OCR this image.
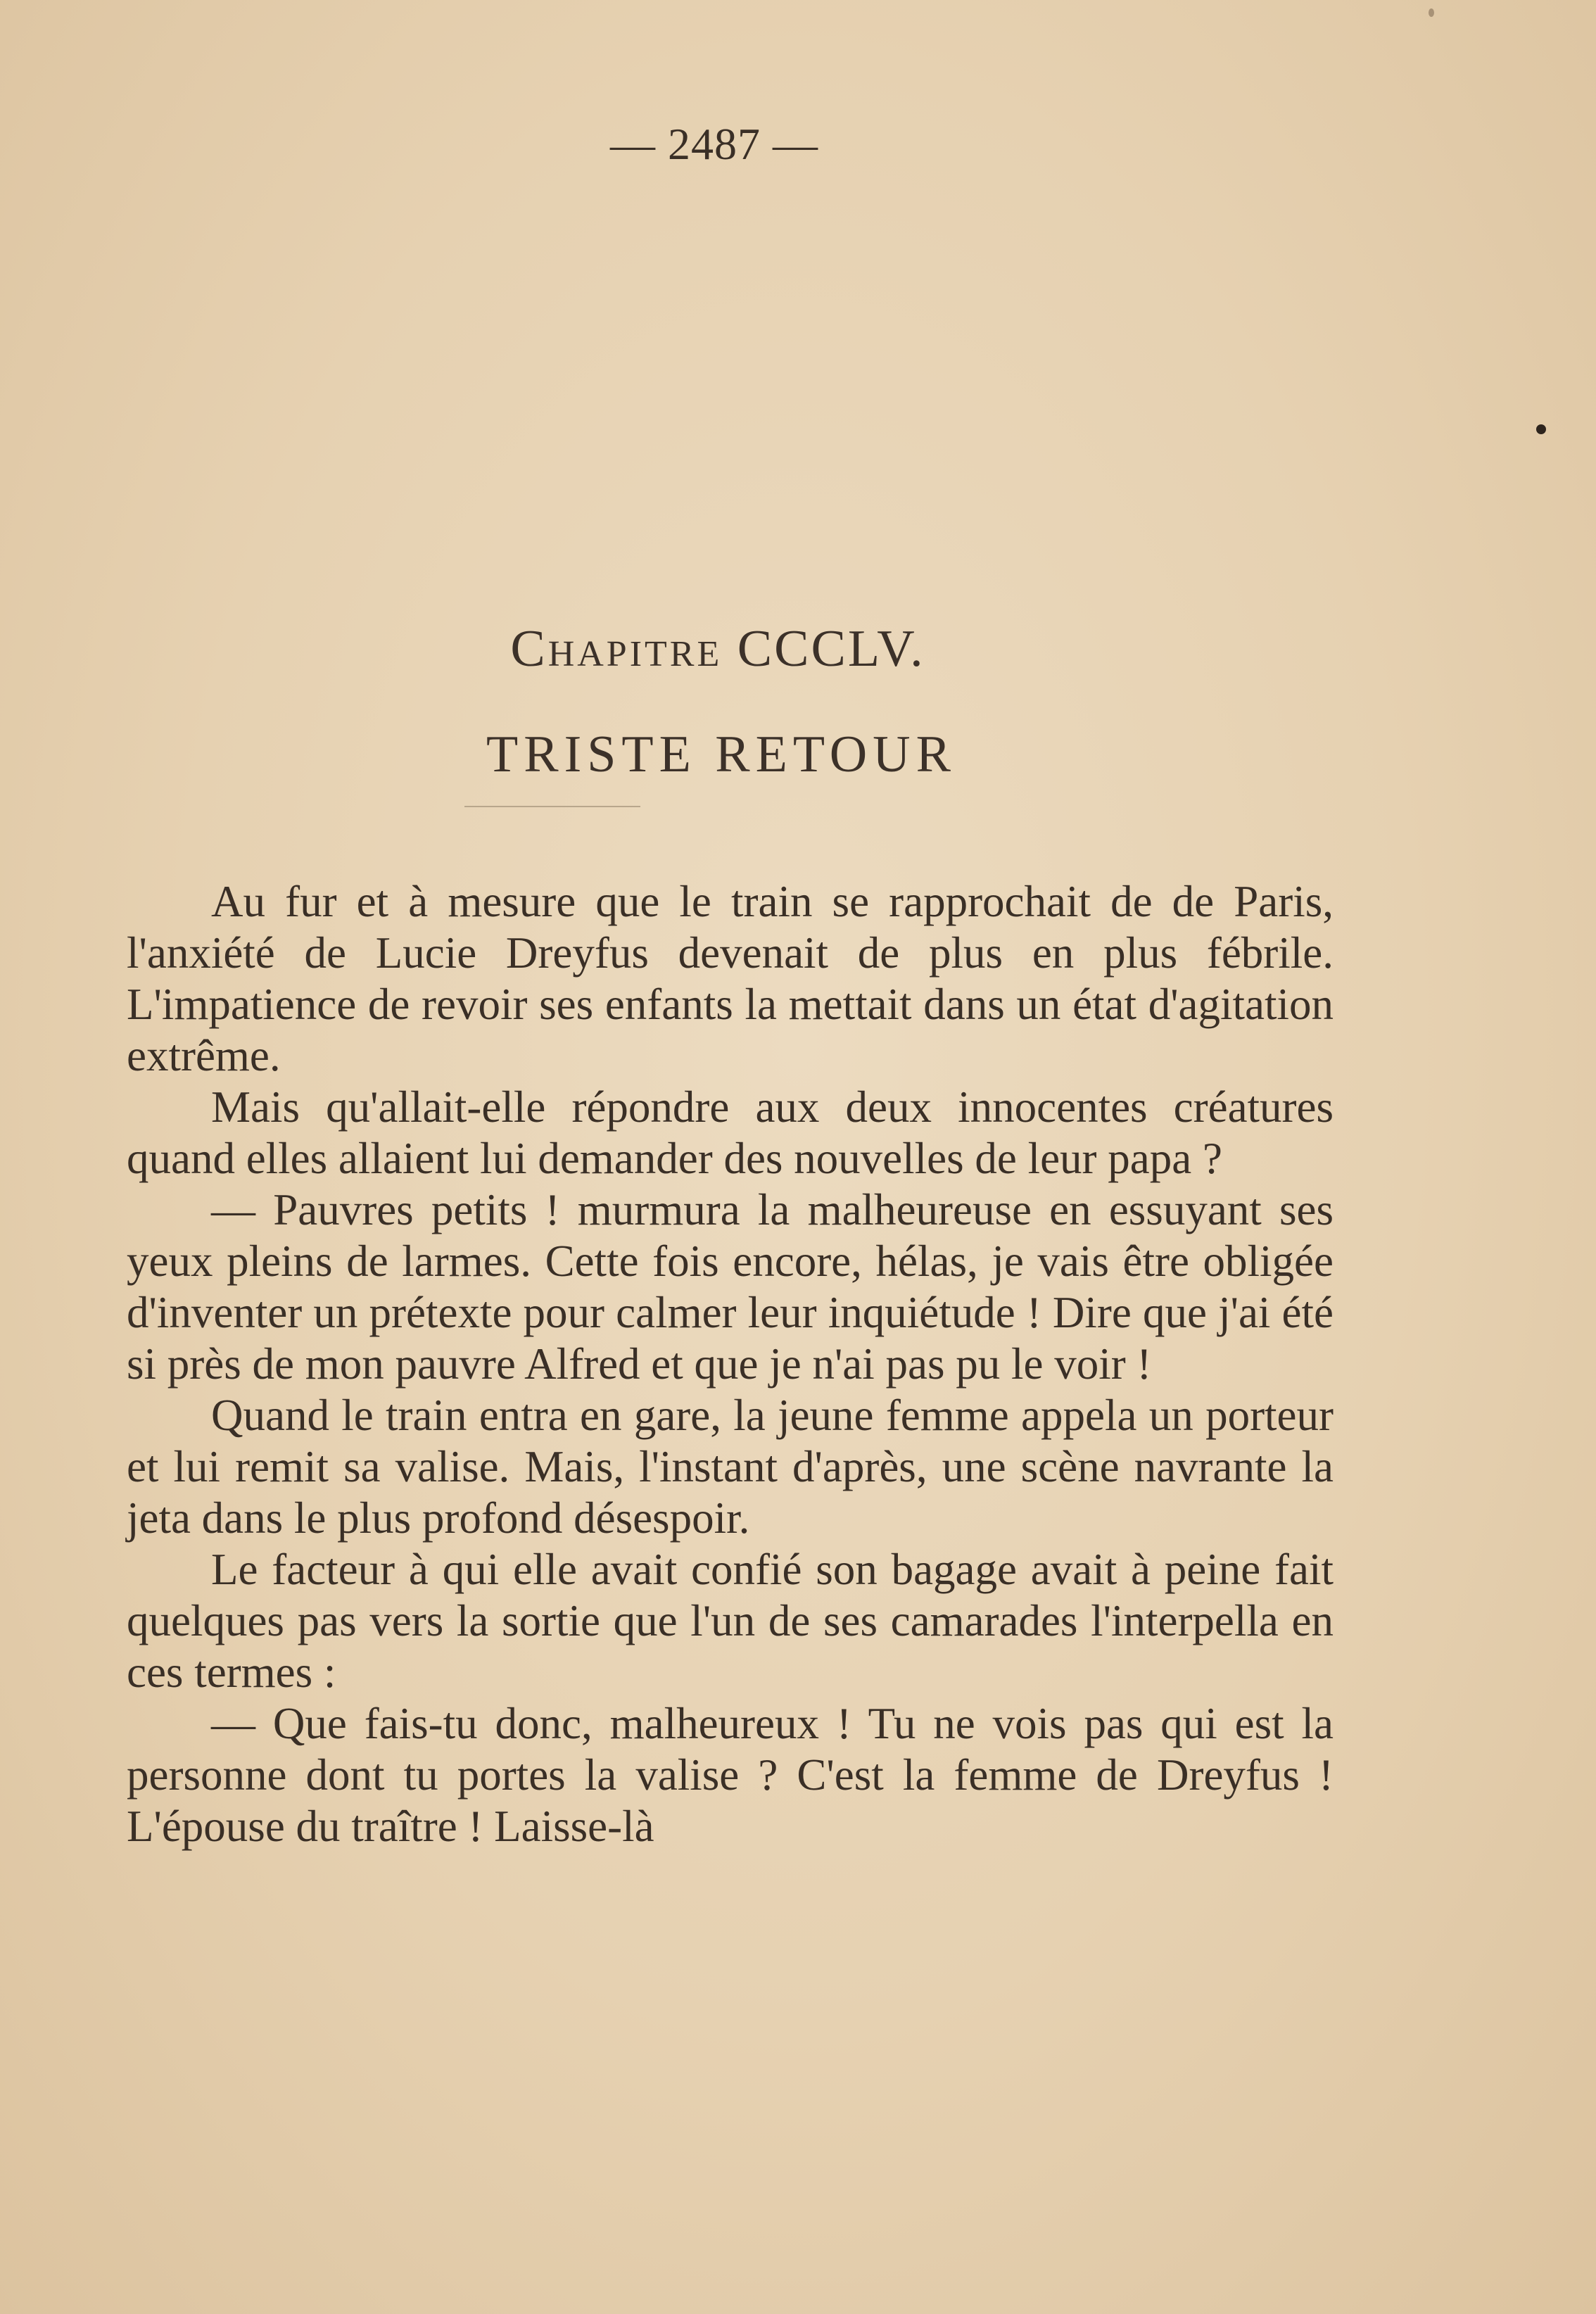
— 2487 —
Chapitre CCCLV.
TRISTE RETOUR

Au fur et à mesure que le train se rapprochait de de Paris, l'anxiété de Lucie Dreyfus devenait de plus en plus fébrile. L'impatience de revoir ses enfants la mettait dans un état d'agitation extrême.

Mais qu'allait-elle répondre aux deux innocentes créatures quand elles allaient lui demander des nouvelles de leur papa ?

— Pauvres petits ! murmura la malheureuse en essuyant ses yeux pleins de larmes. Cette fois encore, hélas, je vais être obligée d'inventer un prétexte pour calmer leur inquiétude ! Dire que j'ai été si près de mon pauvre Alfred et que je n'ai pas pu le voir !

Quand le train entra en gare, la jeune femme appela un porteur et lui remit sa valise. Mais, l'instant d'après, une scène navrante la jeta dans le plus profond désespoir.

Le facteur à qui elle avait confié son bagage avait à peine fait quelques pas vers la sortie que l'un de ses camarades l'interpella en ces termes :

— Que fais-tu donc, malheureux ! Tu ne vois pas qui est la personne dont tu portes la valise ? C'est la femme de Dreyfus ! L'épouse du traître ! Laisse-là
